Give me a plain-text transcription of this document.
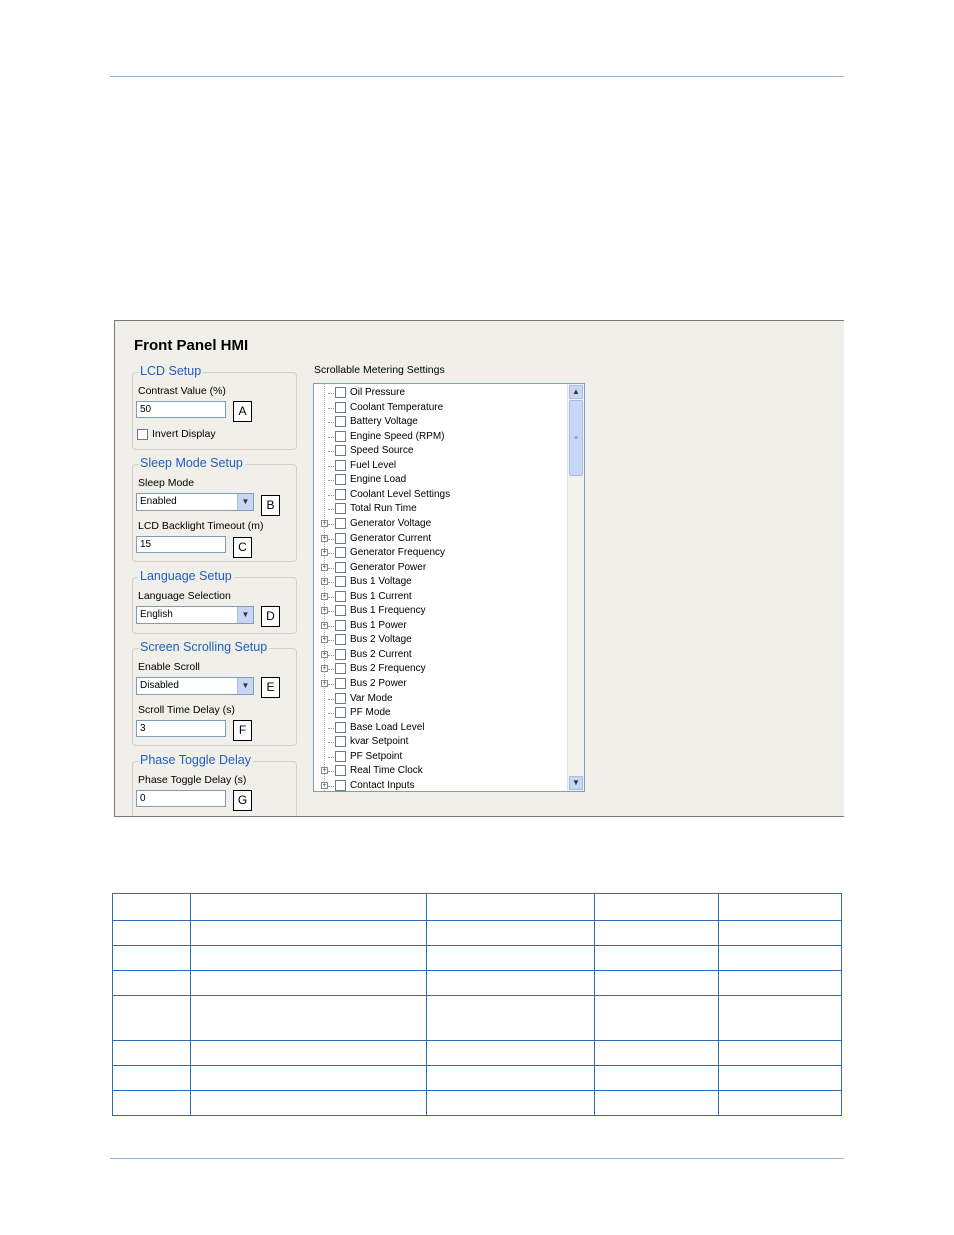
Front Panel HMI
LCD Setup
Contrast Value (%)
50	A
Invert Display
Sleep Mode Setup
Sleep Mode
Enabled	▼	B
LCD Backlight Timeout (m)
15	C
Language Setup
Language Selection
English	▼	D
Screen Scrolling Setup
Enable Scroll
Disabled	▼	E
Scroll Time Delay (s)
3	F
Phase Toggle Delay
Phase Toggle Delay (s)
0	G
Scrollable Metering Settings
Oil Pressure
Coolant Temperature
Battery Voltage
Engine Speed (RPM)
Speed Source
Fuel Level
Engine Load
Coolant Level Settings
Total Run Time
+ Generator Voltage
+ Generator Current
+ Generator Frequency
+ Generator Power
+ Bus 1 Voltage
+ Bus 1 Current
+ Bus 1 Frequency
+ Bus 1 Power
+ Bus 2 Voltage
+ Bus 2 Current
+ Bus 2 Frequency
+ Bus 2 Power
Var Mode
PF Mode
Base Load Level
kvar Setpoint
PF Setpoint
+ Real Time Clock
+ Contact Inputs
▲
≡
▼
